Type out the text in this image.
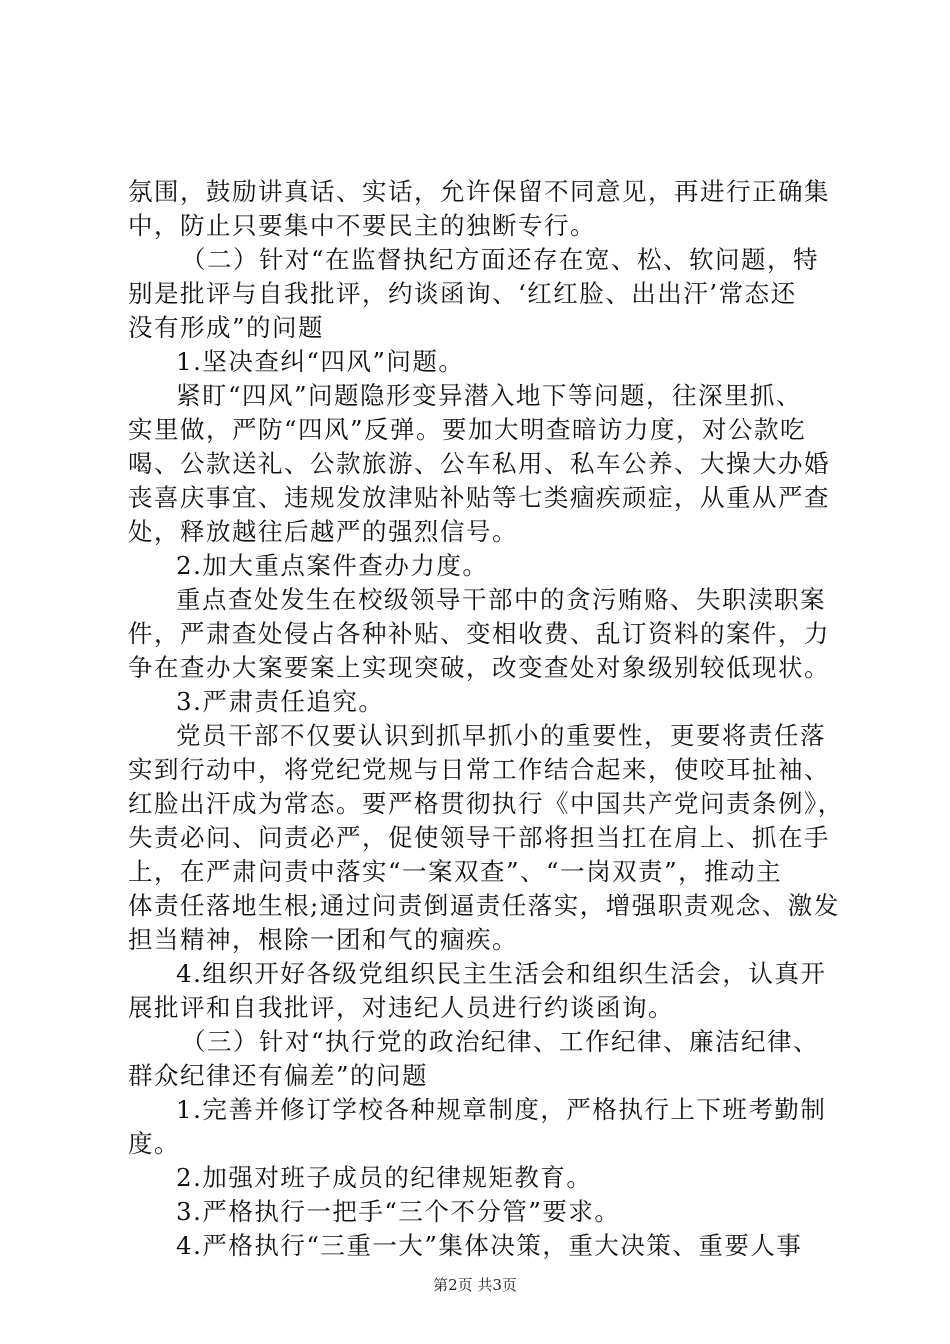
氛围，鼓励讲真话、实话，允许保留不同意见，再进行正确集
中，防止只要集中不要民主的独断专行。
（二）针对“在监督执纪方面还存在宽、松、软问题，特
别是批评与自我批评，约谈函询、‘红红脸、出出汗’常态还
没有形成”的问题
1.坚决查纠“四风”问题。
紧盯“四风”问题隐形变异潜入地下等问题，往深里抓、
实里做，严防“四风”反弹。要加大明查暗访力度，对公款吃
喝、公款送礼、公款旅游、公车私用、私车公养、大操大办婚
丧喜庆事宜、违规发放津贴补贴等七类痼疾顽症，从重从严查
处，释放越往后越严的强烈信号。
2.加大重点案件查办力度。
重点查处发生在校级领导干部中的贪污贿赂、失职渎职案
件，严肃查处侵占各种补贴、变相收费、乱订资料的案件，力
争在查办大案要案上实现突破，改变查处对象级别较低现状。
3.严肃责任追究。
党员干部不仅要认识到抓早抓小的重要性，更要将责任落
实到行动中，将党纪党规与日常工作结合起来，使咬耳扯袖、
红脸出汗成为常态。要严格贯彻执行《中国共产党问责条例》，
失责必问、问责必严，促使领导干部将担当扛在肩上、抓在手
上，在严肃问责中落实“一案双查”、“一岗双责”，推动主
体责任落地生根;通过问责倒逼责任落实，增强职责观念、激发
担当精神，根除一团和气的痼疾。
4.组织开好各级党组织民主生活会和组织生活会，认真开
展批评和自我批评，对违纪人员进行约谈函询。
（三）针对“执行党的政治纪律、工作纪律、廉洁纪律、
群众纪律还有偏差”的问题
1.完善并修订学校各种规章制度，严格执行上下班考勤制
度。
2.加强对班子成员的纪律规矩教育。
3.严格执行一把手“三个不分管”要求。
4.严格执行“三重一大”集体决策，重大决策、重要人事
第2页 共3页
